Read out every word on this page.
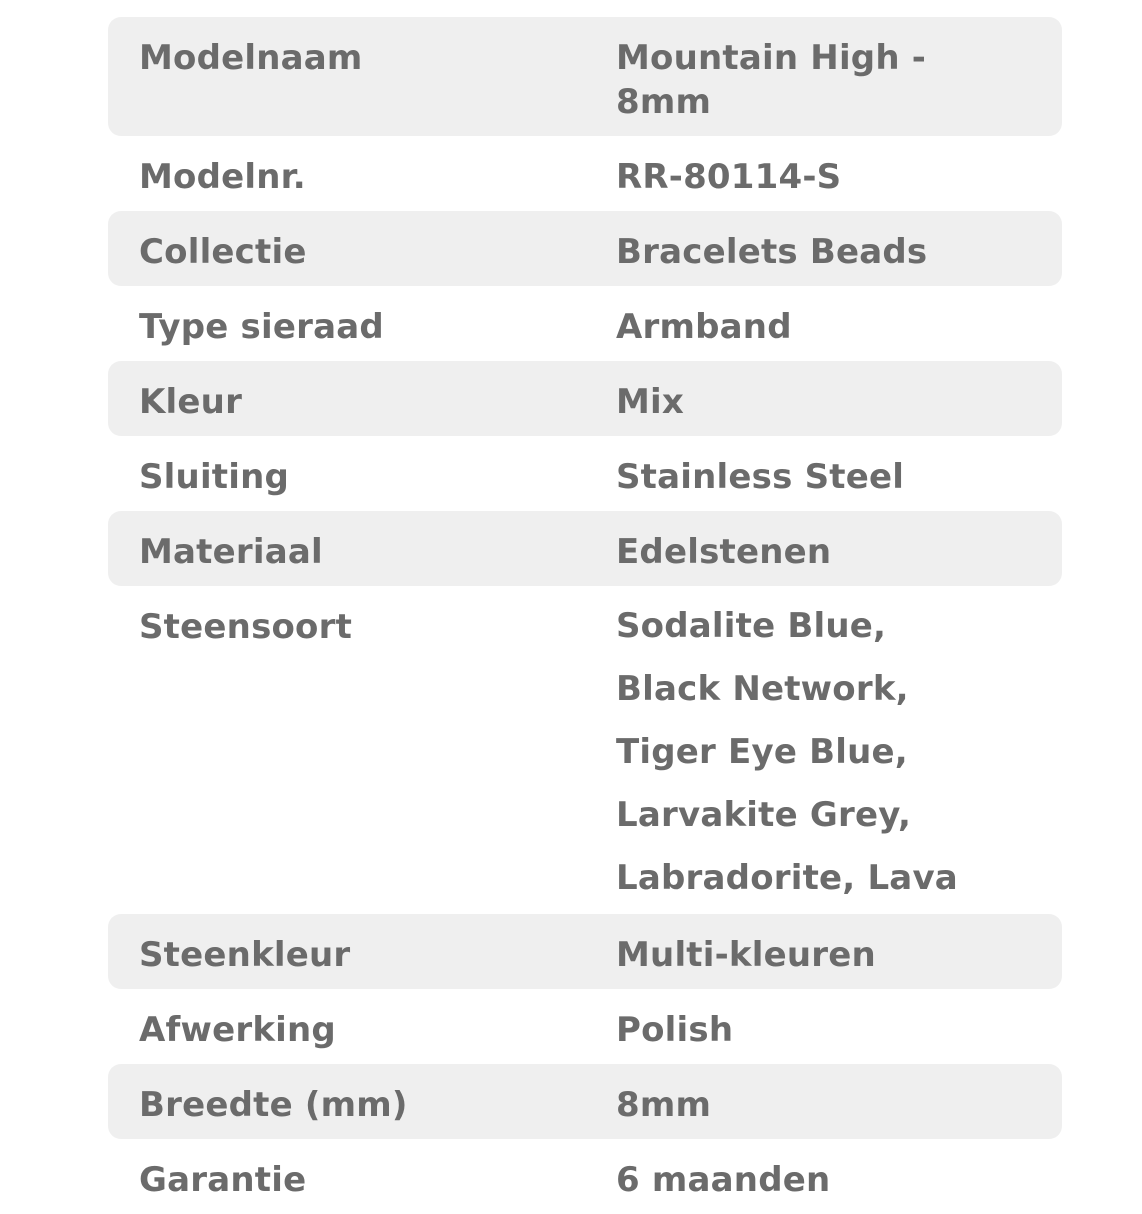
Modelnaam	Mountain High - 8mm
Modelnr.	RR-80114-S
Collectie	Bracelets Beads
Type sieraad	Armband
Kleur	Mix
Sluiting	Stainless Steel
Materiaal	Edelstenen
Steensoort	Sodalite Blue, Black Network, Tiger Eye Blue, Larvakite Grey, Labradorite, Lava
Steenkleur	Multi-kleuren
Afwerking	Polish
Breedte (mm)	8mm
Garantie	6 maanden
